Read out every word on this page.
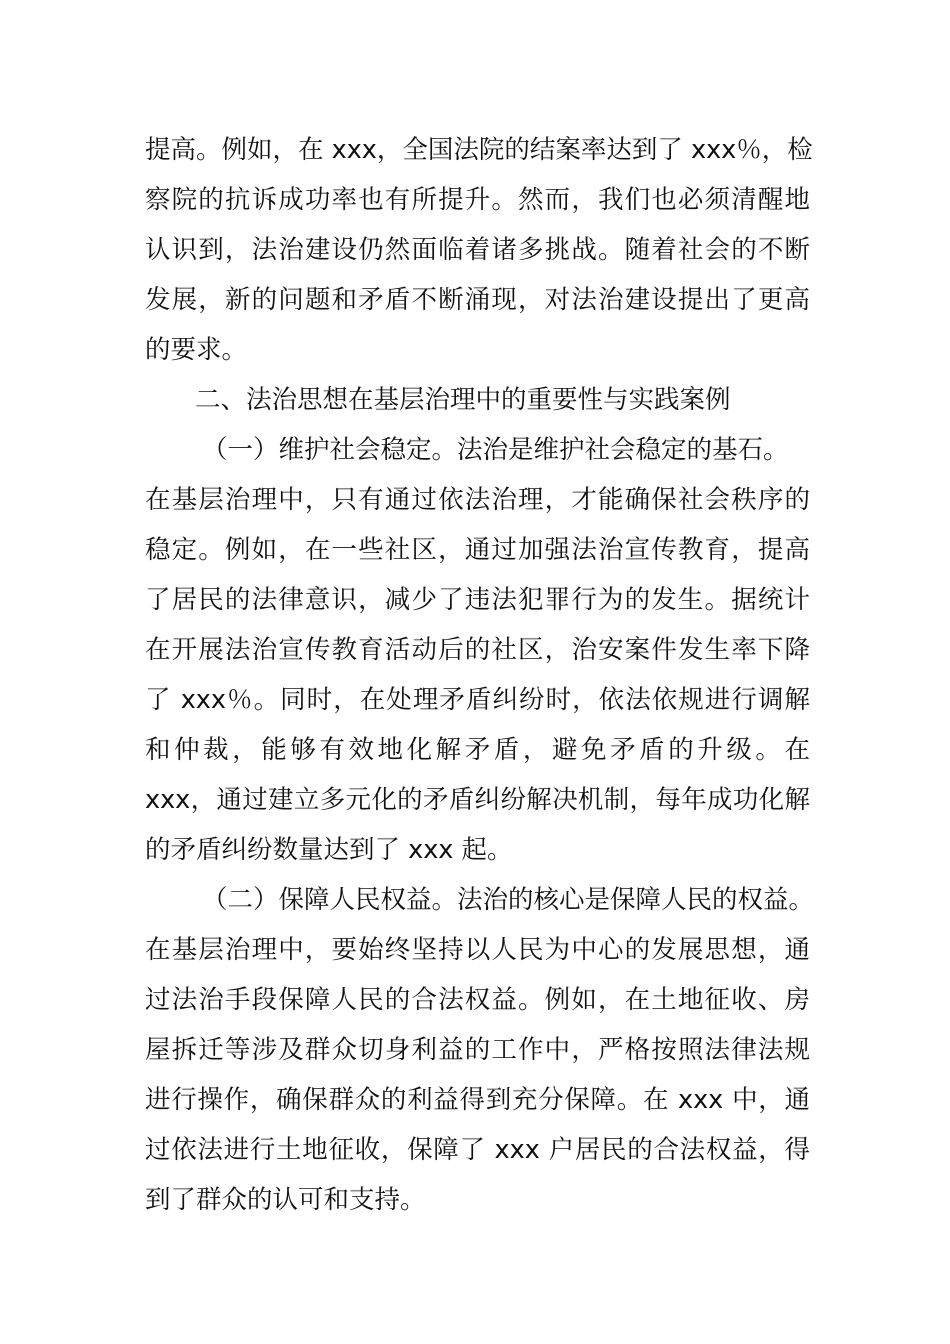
提高。例如，在 xxx，全国法院的结案率达到了 xxx％，检
察院的抗诉成功率也有所提升。然而，我们也必须清醒地
认识到，法治建设仍然面临着诸多挑战。随着社会的不断
发展，新的问题和矛盾不断涌现，对法治建设提出了更高
的要求。
二、法治思想在基层治理中的重要性与实践案例
（一）维护社会稳定。法治是维护社会稳定的基石。
在基层治理中，只有通过依法治理，才能确保社会秩序的
稳定。例如，在一些社区，通过加强法治宣传教育，提高
了居民的法律意识，减少了违法犯罪行为的发生。据统计
在开展法治宣传教育活动后的社区，治安案件发生率下降
了 xxx％。同时，在处理矛盾纠纷时，依法依规进行调解
和仲裁，能够有效地化解矛盾，避免矛盾的升级。在
xxx，通过建立多元化的矛盾纠纷解决机制，每年成功化解
的矛盾纠纷数量达到了 xxx 起。
（二）保障人民权益。法治的核心是保障人民的权益。
在基层治理中，要始终坚持以人民为中心的发展思想，通
过法治手段保障人民的合法权益。例如，在土地征收、房
屋拆迁等涉及群众切身利益的工作中，严格按照法律法规
进行操作，确保群众的利益得到充分保障。在 xxx 中，通
过依法进行土地征收，保障了 xxx 户居民的合法权益，得
到了群众的认可和支持。
